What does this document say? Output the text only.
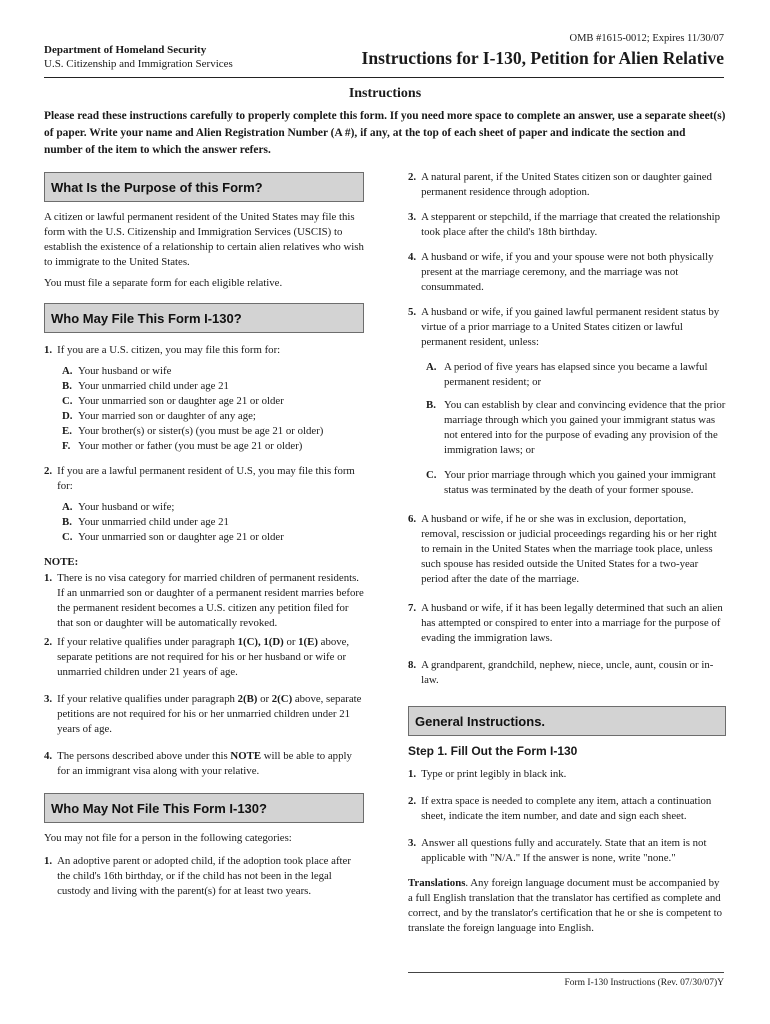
OMB #1615-0012; Expires 11/30/07
Department of Homeland Security
U.S. Citizenship and Immigration Services	Instructions for I-130, Petition for Alien Relative
Instructions
Please read these instructions carefully to properly complete this form. If you need more space to complete an answer, use a separate sheet(s) of paper. Write your name and Alien Registration Number (A #), if any, at the top of each sheet of paper and indicate the section and number of the item to which the answer refers.
What Is the Purpose of this Form?

A citizen or lawful permanent resident of the United States may file this form with the U.S. Citizenship and Immigration Services (USCIS) to establish the existence of a relationship to certain alien relatives who wish to immigrate to the United States.

You must file a separate form for each eligible relative.

Who May File This Form I-130?
1. If you are a U.S. citizen, you may file this form for:
A. Your husband or wife
B. Your unmarried child under age 21
C. Your unmarried son or daughter age 21 or older
D. Your married son or daughter of any age;
E. Your brother(s) or sister(s) (you must be age 21 or older)
F. Your mother or father (you must be age 21 or older)
2. If you are a lawful permanent resident of U.S, you may file this form for:
A. Your husband or wife;
B. Your unmarried child under age 21
C. Your unmarried son or daughter age 21 or older
NOTE:
1. There is no visa category for married children of permanent residents. If an unmarried son or daughter of a permanent resident marries before the permanent resident becomes a U.S. citizen any petition filed for that son or daughter will be automatically revoked.
2. If your relative qualifies under paragraph 1(C), 1(D) or 1(E) above, separate petitions are not required for his or her husband or wife or unmarried children under 21 years of age.
3. If your relative qualifies under paragraph 2(B) or 2(C) above, separate petitions are not required for his or her unmarried children under 21 years of age.
4. The persons described above under this NOTE will be able to apply for an immigrant visa along with your relative.
Who May Not File This Form I-130?

You may not file for a person in the following categories:

1. An adoptive parent or adopted child, if the adoption took place after the child's 16th birthday, or if the child has not been in the legal custody and living with the parent(s) for at least two years.
2. A natural parent, if the United States citizen son or daughter gained permanent residence through adoption.
3. A stepparent or stepchild, if the marriage that created the relationship took place after the child's 18th birthday.
4. A husband or wife, if you and your spouse were not both physically present at the marriage ceremony, and the marriage was not consummated.
5. A husband or wife, if you gained lawful permanent resident status by virtue of a prior marriage to a United States citizen or lawful permanent resident, unless:
A. A period of five years has elapsed since you became a lawful permanent resident; or
B. You can establish by clear and convincing evidence that the prior marriage through which you gained your immigrant status was not entered into for the purpose of evading any provision of the immigration laws; or
C. Your prior marriage through which you gained your immigrant status was terminated by the death of your former spouse.
6. A husband or wife, if he or she was in exclusion, deportation, removal, rescission or judicial proceedings regarding his or her right to remain in the United States when the marriage took place, unless such spouse has resided outside the United States for a two-year period after the date of the marriage.
7. A husband or wife, if it has been legally determined that such an alien has attempted or conspired to enter into a marriage for the purpose of evading the immigration laws.
8. A grandparent, grandchild, nephew, niece, uncle, aunt, cousin or in-law.
General Instructions.
Step 1. Fill Out the Form I-130
1. Type or print legibly in black ink.
2. If extra space is needed to complete any item, attach a continuation sheet, indicate the item number, and date and sign each sheet.
3. Answer all questions fully and accurately. State that an item is not applicable with "N/A." If the answer is none, write "none."

Translations. Any foreign language document must be accompanied by a full English translation that the translator has certified as complete and correct, and by the translator's certification that he or she is competent to translate the foreign language into English.

Form I-130 Instructions (Rev. 07/30/07)Y
